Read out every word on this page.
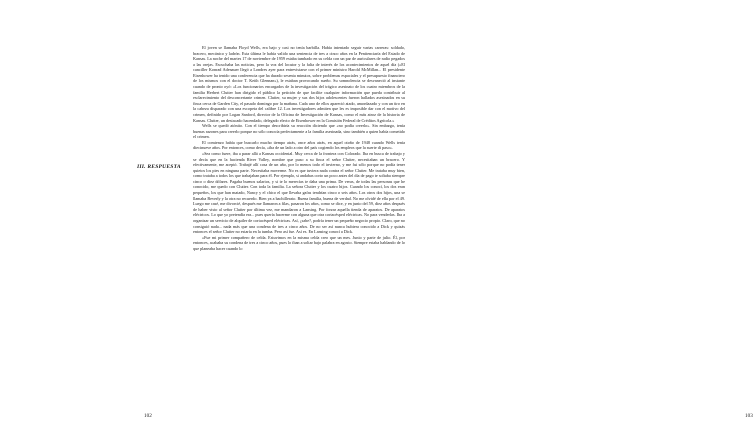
III. RESPUESTA
102	103

El joven se llamaba Floyd Wells, era bajo y casi no tenía barbilla. Había intentado seguir varias carreras: soldado, bracero, mecánico y ladrón. Esta última le había valido una sentencia de tres a cinco años en la Penitenciaría del Estado de Kansas. La noche del martes 17 de noviembre de 1959 estaba tumbado en su celda con un par de auriculares de radio pegados a las orejas. Escuchaba las noticias, pero la voz del locutor y la falta de interés de los acontecimientos de aquel día («El canciller Konrad Adenauer llegó a Londres ayer para entrevistarse con el primer ministro Harold McMillan... El presidente Eisenhower ha tenido una conferencia que ha durado sesenta minutos, sobre problemas espaciales y el presupuesto financiero de los mismos con el doctor T. Keith Glennan»), le estaban provocando sueño. Su somnolencia se desvaneció al instante cuando de pronto oyó: «Los funcionarios encargados de la investigación del trágico asesinato de los cuatro miembros de la familia Herbert Clutter han dirigido el público la petición de que facilite cualquier información que pueda contribuir al esclarecimiento del desconcertante crimen. Clutter, su mujer y sus dos hijos adolescentes fueron hallados asesinados en su finca cerca de Garden City, el pasado domingo por la mañana. Cada uno de ellos apareció atado, amordazado y con un tiro en la cabeza disparado con una escopeta del calibre 12. Los investigadores admiten que les es imposible dar con el motivo del crimen, definido por Logan Sanford, director de la Oficina de Investigación de Kansas, como el más atroz de la historia de Kansas. Clutter, un destacado hacendado, delegado electo de Eisenhower en la Comisión Federal de Créditos Agrícola.»

Wells se quedó atónito. Con el tiempo describiría su reacción diciendo que «no podía creerlo». Sin embargo, tenía buenas razones para creerlo porque no sólo conocía perfectamente a la familia asesinada, sino también a quien había cometido el crimen.

El comienzo había que buscarlo mucho tiempo atrás, once años atrás, en aquel otoño de 1948 cuando Wells tenía diecinueve años. Por entonces, como decía, «iba de un lado a otro del país cogiendo los empleos que la suerte di paso».

«Sea como fuere, iba a parar allá a Kansas occidental. Muy cerca de la frontera con Colorado. Iba en busca de trabajo y se decía que en la hacienda River Valley, nombre que puso a su finca el señor Clutter, necesitaban un bracero. Y efectivamente, me aceptó. Trabajé allí cosa de un año, por lo menos todo el invierno, y me fui sólo porque no podía tener quietos los pies en ninguna parte. Necesitaba moverme. No es que tuviera nada contra el señor Clutter. Me trataba muy bien, como trataba a todos los que trabajaban para él. Por ejemplo, si andabas corto un poco antes del día de pago te soltaba siempre cinco o diez dólares. Pagaba buenos salarios, y si te lo merecías te daba una prima. De veras, de todas las personas que he conocido, me quedo con Clutter. Con toda la familia. La señora Clutter y los cuatro hijos. Cuando los conocí, los dos eran pequeños, los que han matado, Nancy y el chico el que llevaba gafas tendrían cinco o seis años. Los otros dos hijos, una se llamaba Beverly y la otra no recuerdo. Bien ya a bachillerato. Buena familia, buena de verdad. No me olvidé de ella por el 49. Luego me casé, me divorcié, después me llamaron a filas, pasaron los años, como se dice, y en junio del 59, diez años después de haber visto al señor Clutter por última vez, me mandaron a Lansing. Por forzar aquella tienda de aparatos. De aparatos eléctricos. Lo que yo pretendía era... pues quería hacerme con alguna que otra cortacésped eléctricas. No para venderlas. Iba a organizar un servicio de alquiler de cortacésped eléctricas. Así, ¿sabe?, podría tener un pequeño negocio propio. Claro, que no consiguió nada... nada más que una condena de tres a cinco años. De no ser así nunca hubiera conocido a Dick y quizás entonces el señor Clutter no estaría en la tumba. Pero así fue. Así es. En Lansing conocí a Dick.

«Fue mi primer compañero de celda. Estuvimos en la misma celda creo que un mes. Junio y parte de julio. Él, por entonces, acababa su condena de tres a cinco años, pues lo iban a soltar bajo palabra en agosto. Siempre estaba hablando de lo que planeaba hacer cuando lo
